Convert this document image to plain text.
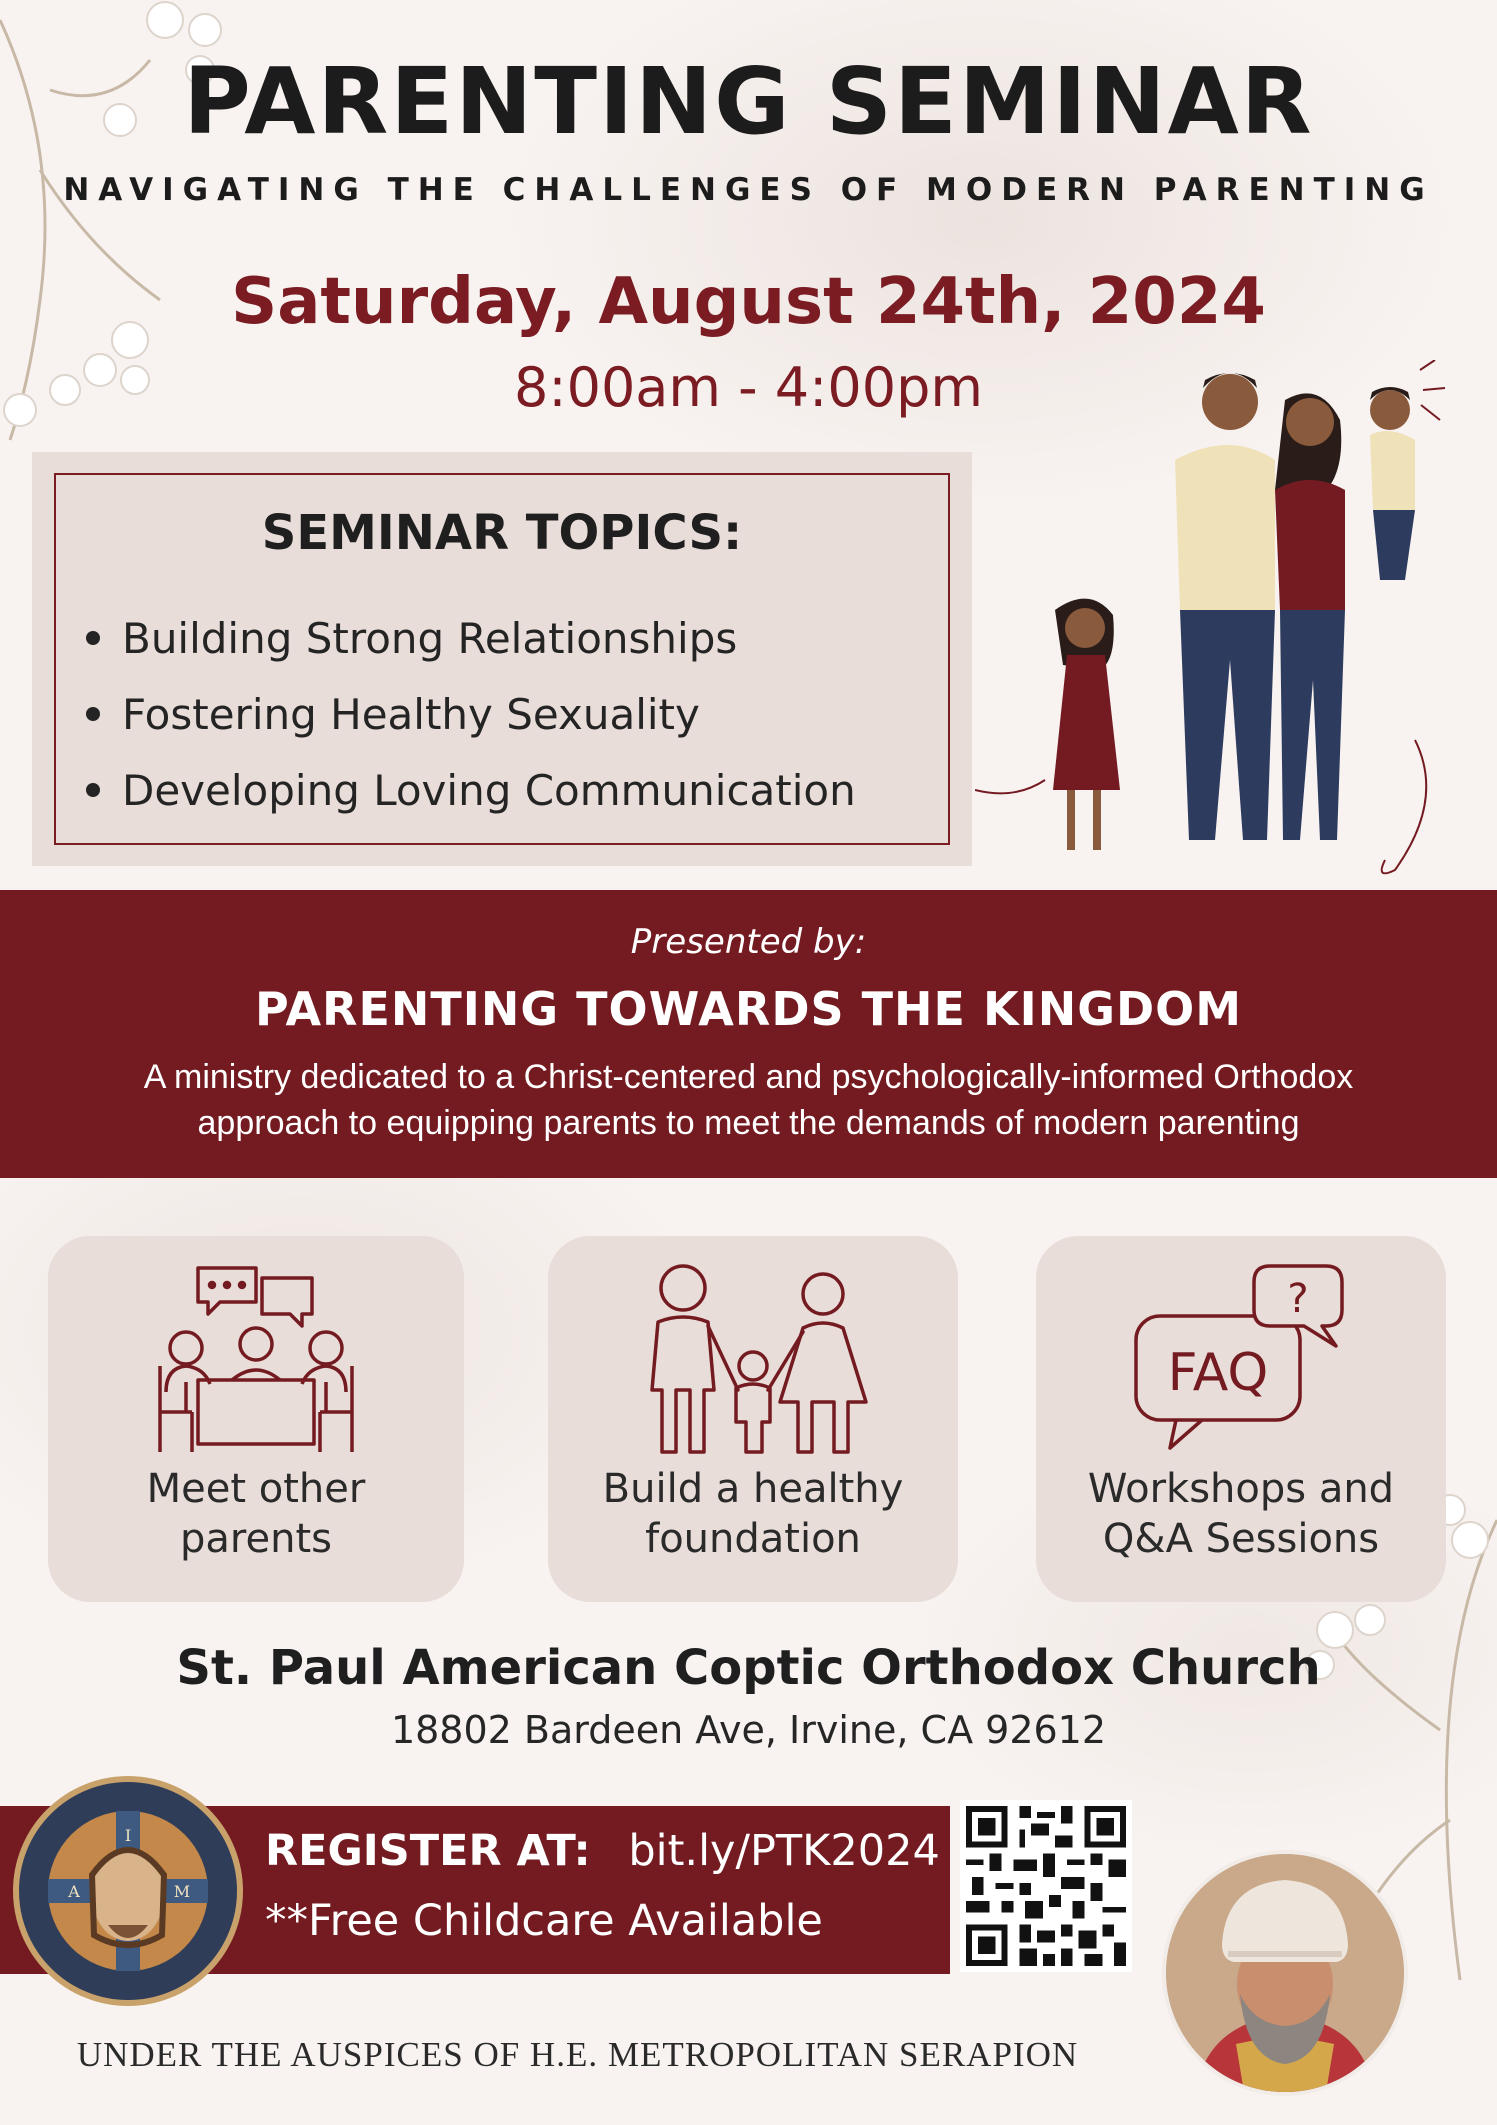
PARENTING SEMINAR
NAVIGATING THE CHALLENGES OF MODERN PARENTING
Saturday, August 24th, 2024
8:00am - 4:00pm
SEMINAR TOPICS:
Building Strong Relationships
Fostering Healthy Sexuality
Developing Loving Communication
Presented by:
PARENTING TOWARDS THE KINGDOM
A ministry dedicated to a Christ-centered and psychologically-informed Orthodox
approach to equipping parents to meet the demands of modern parenting
Meet other
parents
Build a healthy
foundation
?
FAQ
Workshops and
Q&A Sessions
St. Paul American Coptic Orthodox Church
18802 Bardeen Ave, Irvine, CA 92612
REGISTER AT: bit.ly/PTK2024
**Free Childcare Available
I
A	M
UNDER THE AUSPICES OF H.E. METROPOLITAN SERAPION
